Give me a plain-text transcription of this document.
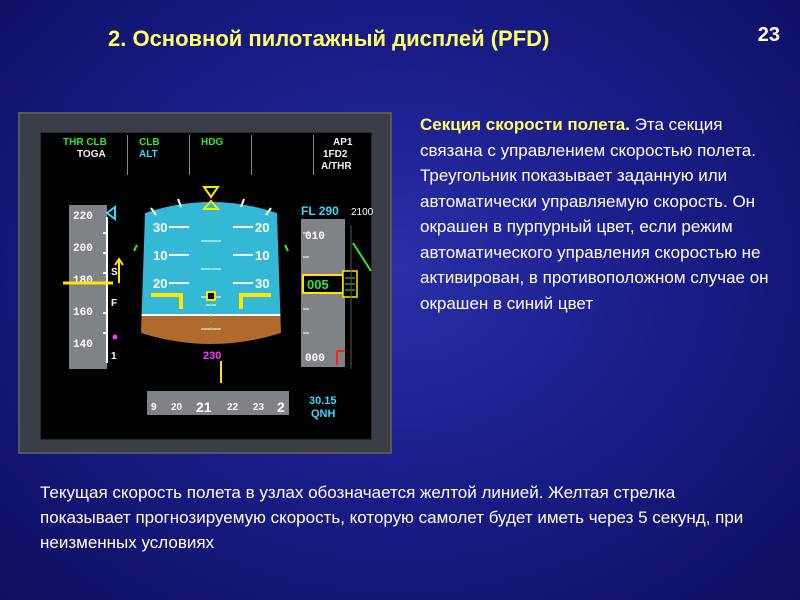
2. Основной пилотажный дисплей (PFD)	23
THR CLB
TOGA
CLB
ALT
HDG	AP1
1FD2
A/THR
30	20
10	10
20	30
220
200
180
160
140
S
F
1	230
010
000
FL 290 2100
005
9 20 21 22 23 2 30.15
QNH
Секция скорости полета. Эта секция связана с управлением скоростью полета. Треугольник показывает заданную или автоматически управляемую скорость. Он окрашен в пурпурный цвет, если режим автоматического управления скоростью не активирован, в противоположном случае он окрашен в синий цвет
Текущая скорость полета в узлах обозначается желтой линией. Желтая стрелка показывает прогнозируемую скорость, которую самолет будет иметь через 5 секунд, при неизменных условиях
